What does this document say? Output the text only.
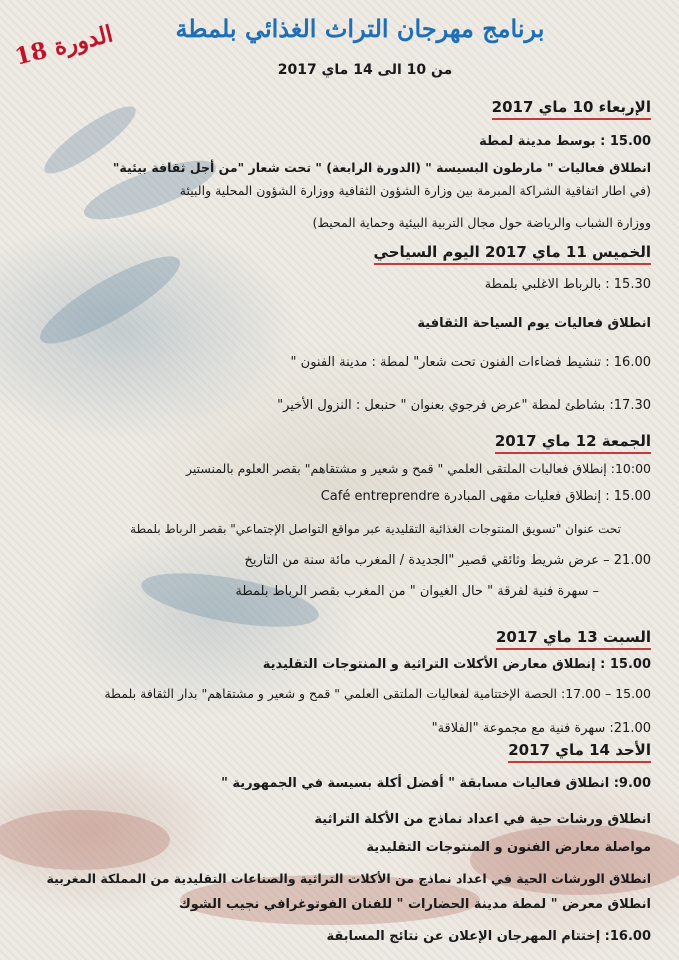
برنامج مهرجان التراث الغذائي بلمطة
الدورة 18
من 10 الى 14 ماي 2017
الإربعاء 10 ماي 2017
15.00 : بوسط مدينة لمطة
انطلاق فعاليات " مارطون البسيسة " (الدورة الرابعة) " تحت شعار "من أجل ثقافة بيئية"
(في اطار اتفاقية الشراكة المبرمة بين وزارة الشؤون الثقافية ووزارة الشؤون المحلية والبيئة
ووزارة الشباب والرياضة حول مجال التربية البيئية وحماية المحيط)
الخميس 11 ماي 2017 اليوم السياحي
15.30 : بالرباط الاغلبي بلمطة
انطلاق فعاليات يوم السياحة الثقافية
16.00 : تنشيط فضاءات الفنون تحت شعار" لمطة : مدينة الفنون "
17.30: بشاطئ لمطة "عرض فرجوي بعنوان " حنبعل : النزول الأخير"
الجمعة 12 ماي 2017
10:00: إنطلاق فعاليات الملتقى العلمي " قمح و شعير و مشتقاهم" بقصر العلوم بالمنستير
15.00 : إنطلاق فعليات مقهى المبادرة Café entreprendre
تحت عنوان "تسويق المنتوجات الغذائية التقليدية عبر مواقع التواصل الإجتماعي" بقصر الرباط بلمطة
21.00 – عرض شريط وثائقي قصير "الجديدة / المغرب مائة سنة من التاريخ
– سهرة فنية لفرقة " حال الغيوان " من المغرب بقصر الرباط بلمطة
السبت 13 ماي 2017
15.00 : إنطلاق معارض الأكلات التراثية و المنتوجات التقليدية
15.00 – 17.00: الحصة الإختتامية لفعاليات الملتقى العلمي " قمح و شعير و مشتقاهم" بدار الثقافة بلمطة
21.00: سهرة فنية مع مجموعة "الفلاقة"
الأحد 14 ماي 2017
9.00: انطلاق فعاليات مسابقة " أفضل أكلة بسيسة في الجمهورية "
انطلاق ورشات حية في اعداد نماذج من الأكلة التراثية
مواصلة معارض الفنون و المنتوجات التقليدية
انطلاق الورشات الحية في اعداد نماذج من الأكلات التراثية والصناعات التقليدية من المملكة المغربية
انطلاق معرض " لمطة مدينة الحضارات " للفنان الفوتوغرافي نجيب الشوك
16.00: إختتام المهرجان الإعلان عن نتائج المسابقة
